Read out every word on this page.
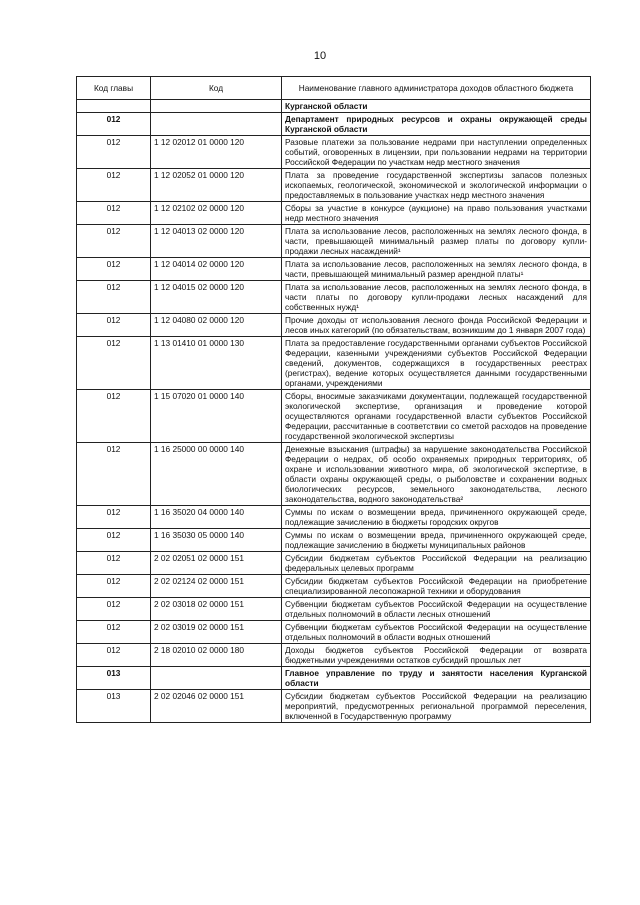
10
Код главы	Код	Наименование главного администратора доходов областного бюджета
		Курганской области
012		Департамент природных ресурсов и охраны окружающей среды Курганской области
012	1 12 02012 01 0000 120	Разовые платежи за пользование недрами при наступлении определенных событий, оговоренных в лицензии, при пользовании недрами на территории Российской Федерации по участкам недр местного значения
012	1 12 02052 01 0000 120	Плата за проведение государственной экспертизы запасов полезных ископаемых, геологической, экономической и экологической информации о предоставляемых в пользование участках недр местного значения
012	1 12 02102 02 0000 120	Сборы за участие в конкурсе (аукционе) на право пользования участками недр местного значения
012	1 12 04013 02 0000 120	Плата за использование лесов, расположенных на землях лесного фонда, в части, превышающей минимальный размер платы по договору купли-продажи лесных насаждений¹
012	1 12 04014 02 0000 120	Плата за использование лесов, расположенных на землях лесного фонда, в части, превышающей минимальный размер арендной платы¹
012	1 12 04015 02 0000 120	Плата за использование лесов, расположенных на землях лесного фонда, в части платы по договору купли-продажи лесных насаждений для собственных нужд¹
012	1 12 04080 02 0000 120	Прочие доходы от использования лесного фонда Российской Федерации и лесов иных категорий (по обязательствам, возникшим до 1 января 2007 года)
012	1 13 01410 01 0000 130	Плата за предоставление государственными органами субъектов Российской Федерации, казенными учреждениями субъектов Российской Федерации сведений, документов, содержащихся в государственных реестрах (регистрах), ведение которых осуществляется данными государственными органами, учреждениями
012	1 15 07020 01 0000 140	Сборы, вносимые заказчиками документации, подлежащей государственной экологической экспертизе, организация и проведение которой осуществляются органами государственной власти субъектов Российской Федерации, рассчитанные в соответствии со сметой расходов на проведение государственной экологической экспертизы
012	1 16 25000 00 0000 140	Денежные взыскания (штрафы) за нарушение законодательства Российской Федерации о недрах, об особо охраняемых природных территориях, об охране и использовании животного мира, об экологической экспертизе, в области охраны окружающей среды, о рыболовстве и сохранении водных биологических ресурсов, земельного законодательства, лесного законодательства, водного законодательства²
012	1 16 35020 04 0000 140	Суммы по искам о возмещении вреда, причиненного окружающей среде, подлежащие зачислению в бюджеты городских округов
012	1 16 35030 05 0000 140	Суммы по искам о возмещении вреда, причиненного окружающей среде, подлежащие зачислению в бюджеты муниципальных районов
012	2 02 02051 02 0000 151	Субсидии бюджетам субъектов Российской Федерации на реализацию федеральных целевых программ
012	2 02 02124 02 0000 151	Субсидии бюджетам субъектов Российской Федерации на приобретение специализированной лесопожарной техники и оборудования
012	2 02 03018 02 0000 151	Субвенции бюджетам субъектов Российской Федерации на осуществление отдельных полномочий в области лесных отношений
012	2 02 03019 02 0000 151	Субвенции бюджетам субъектов Российской Федерации на осуществление отдельных полномочий в области водных отношений
012	2 18 02010 02 0000 180	Доходы бюджетов субъектов Российской Федерации от возврата бюджетными учреждениями остатков субсидий прошлых лет
013		Главное управление по труду и занятости населения Курганской области
013	2 02 02046 02 0000 151	Субсидии бюджетам субъектов Российской Федерации на реализацию мероприятий, предусмотренных региональной программой переселения, включенной в Государственную программу
